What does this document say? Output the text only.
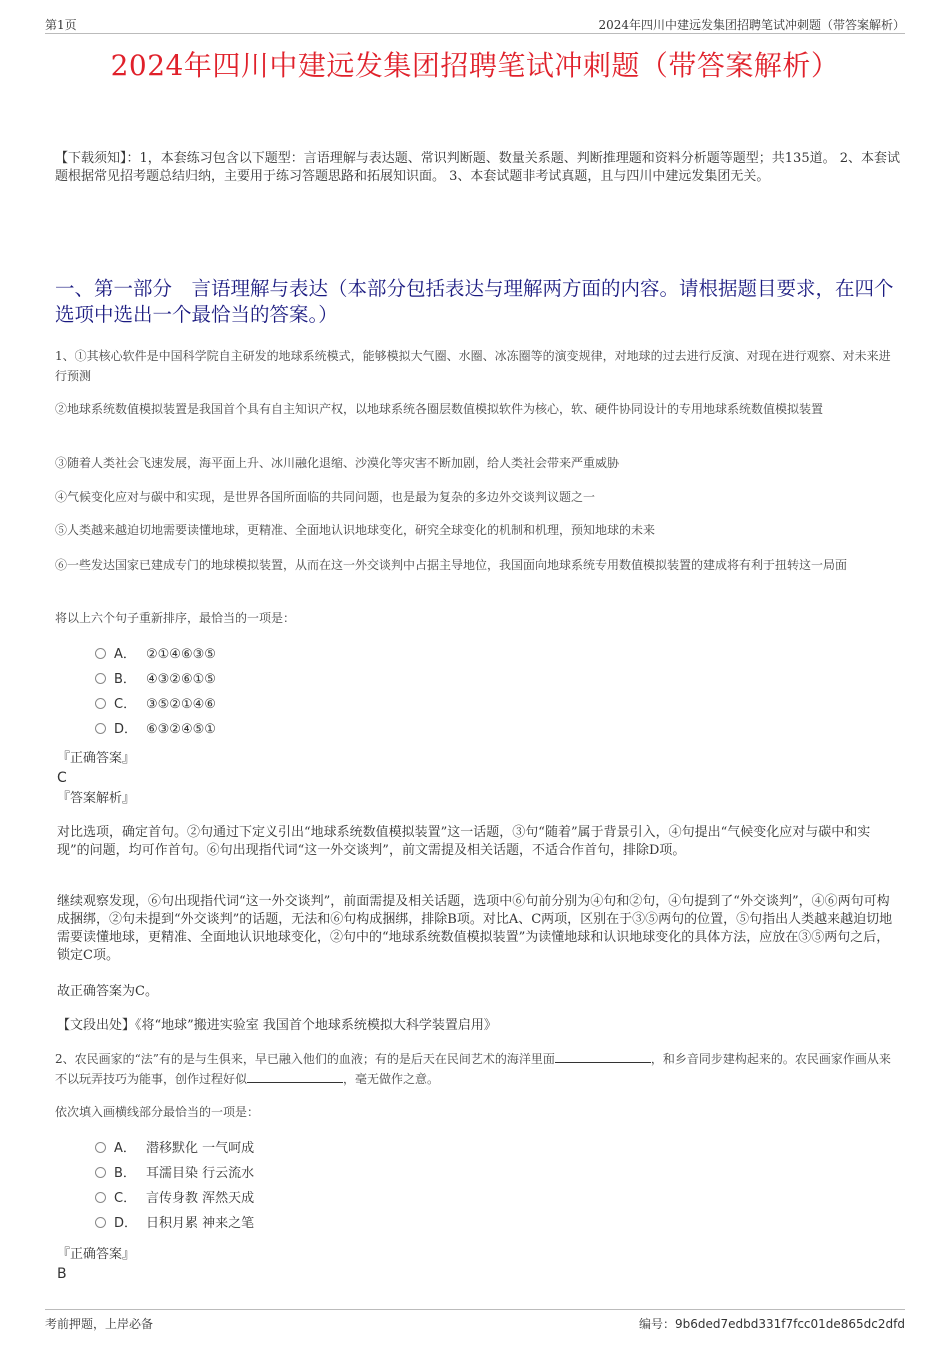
第1页	2024年四川中建远发集团招聘笔试冲刺题（带答案解析）
2024年四川中建远发集团招聘笔试冲刺题（带答案解析）
【下载须知】：1，本套练习包含以下题型：言语理解与表达题、常识判断题、数量关系题、判断推理题和资料分析题等题型；共135道。 2、本套试题根据常见招考题总结归纳，主要用于练习答题思路和拓展知识面。 3、本套试题非考试真题，且与四川中建远发集团无关。
一、第一部分　言语理解与表达（本部分包括表达与理解两方面的内容。请根据题目要求，在四个选项中选出一个最恰当的答案。）
1、①其核心软件是中国科学院自主研发的地球系统模式，能够模拟大气圈、水圈、冰冻圈等的演变规律，对地球的过去进行反演、对现在进行观察、对未来进行预测
②地球系统数值模拟装置是我国首个具有自主知识产权，以地球系统各圈层数值模拟软件为核心，软、硬件协同设计的专用地球系统数值模拟装置
③随着人类社会飞速发展，海平面上升、冰川融化退缩、沙漠化等灾害不断加剧，给人类社会带来严重威胁
④气候变化应对与碳中和实现，是世界各国所面临的共同问题，也是最为复杂的多边外交谈判议题之一
⑤人类越来越迫切地需要读懂地球，更精准、全面地认识地球变化，研究全球变化的机制和机理，预知地球的未来
⑥一些发达国家已建成专门的地球模拟装置，从而在这一外交谈判中占据主导地位，我国面向地球系统专用数值模拟装置的建成将有利于扭转这一局面
将以上六个句子重新排序，最恰当的一项是：
A． ②①④⑥③⑤
B． ④③②⑥①⑤
C． ③⑤②①④⑥
D． ⑥③②④⑤①
『正确答案』
C
『答案解析』
对比选项，确定首句。②句通过下定义引出“地球系统数值模拟装置”这一话题，③句“随着”属于背景引入，④句提出“气候变化应对与碳中和实现”的问题，均可作首句。⑥句出现指代词“这一外交谈判”，前文需提及相关话题，不适合作首句，排除D项。
继续观察发现，⑥句出现指代词“这一外交谈判”，前面需提及相关话题，选项中⑥句前分别为④句和②句，④句提到了“外交谈判”，④⑥两句可构成捆绑，②句未提到“外交谈判”的话题，无法和⑥句构成捆绑，排除B项。对比A、C两项，区别在于③⑤两句的位置，⑤句指出人类越来越迫切地需要读懂地球，更精准、全面地认识地球变化，②句中的“地球系统数值模拟装置”为读懂地球和认识地球变化的具体方法，应放在③⑤两句之后，锁定C项。
故正确答案为C。
【文段出处】《将“地球”搬进实验室 我国首个地球系统模拟大科学装置启用》
2、农民画家的“法”有的是与生俱来，早已融入他们的血液；有的是后天在民间艺术的海洋里面	，和乡音同步建构起来的。农民画家作画从来不以玩弄技巧为能事，创作过程好似	，毫无做作之意。
依次填入画横线部分最恰当的一项是：
A． 潜移默化 一气呵成
B． 耳濡目染 行云流水
C． 言传身教 浑然天成
D． 日积月累 神来之笔
『正确答案』
B
考前押题，上岸必备	编号：9b6ded7edbd331f7fcc01de865dc2dfd
